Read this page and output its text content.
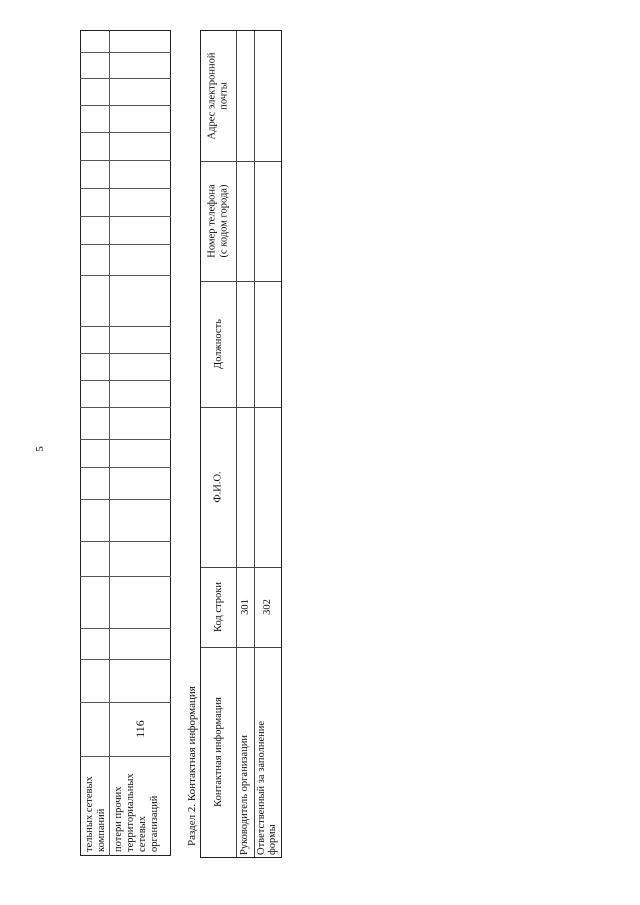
5
тельных сетевых компаний потери прочих территориальных сетевых организаций
116	Раздел 2. Контактная информация Контактная информация
Код строки
Ф.И.О.
Должность
Номер телефона (с кодом города)
Адрес электронной почты
Руководитель организации
301
Ответственный за заполнение формы
302
